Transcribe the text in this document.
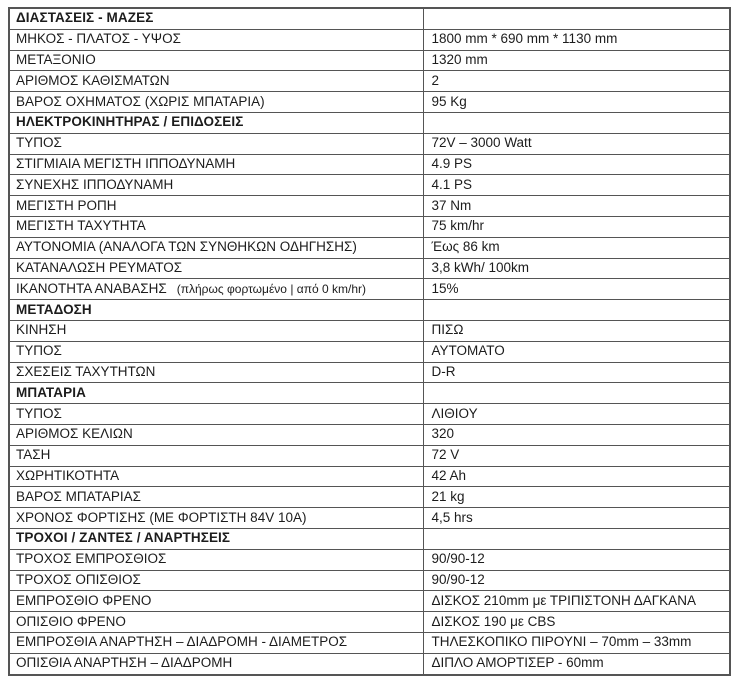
ΔΙΑΣΤΑΣΕΙΣ - ΜΑΖΕΣ	
ΜΗΚΟΣ - ΠΛΑΤΟΣ - ΥΨΟΣ	1800 mm * 690 mm * 1130 mm
ΜΕΤΑΞΟΝΙΟ	1320 mm
ΑΡΙΘΜΟΣ ΚΑΘΙΣΜΑΤΩΝ	2
ΒΑΡΟΣ ΟΧΗΜΑΤΟΣ (ΧΩΡΙΣ ΜΠΑΤΑΡΙΑ)	95 Kg
ΗΛΕΚΤΡΟΚΙΝΗΤΗΡΑΣ / ΕΠΙΔΟΣΕΙΣ	
ΤΥΠΟΣ	72V – 3000 Watt
ΣΤΙΓΜΙΑΙΑ ΜΕΓΙΣΤΗ ΙΠΠΟΔΥΝΑΜΗ	4.9 PS
ΣΥΝΕΧΗΣ ΙΠΠΟΔΥΝΑΜΗ	4.1 PS
ΜΕΓΙΣΤΗ ΡΟΠΗ	37 Nm
ΜΕΓΙΣΤΗ ΤΑΧΥΤΗΤΑ	75 km/hr
ΑΥΤΟΝΟΜΙΑ (ΑΝΑΛΟΓΑ ΤΩΝ ΣΥΝΘΗΚΩΝ ΟΔΗΓΗΣΗΣ)	Έως 86 km
ΚΑΤΑΝΑΛΩΣΗ ΡΕΥΜΑΤΟΣ	3,8 kWh/ 100km
ΙΚΑΝΟΤΗΤΑ ΑΝΑΒΑΣΗΣ (πλήρως φορτωμένο | από 0 km/hr)	15%
ΜΕΤΑΔΟΣΗ	
ΚΙΝΗΣΗ	ΠΙΣΩ
ΤΥΠΟΣ	ΑΥΤΟΜΑΤΟ
ΣΧΕΣΕΙΣ ΤΑΧΥΤΗΤΩΝ	D-R
ΜΠΑΤΑΡΙΑ	
ΤΥΠΟΣ	ΛΙΘΙΟΥ
ΑΡΙΘΜΟΣ ΚΕΛΙΩΝ	320
ΤΑΣΗ	72 V
ΧΩΡΗΤΙΚΟΤΗΤΑ	42 Ah
ΒΑΡΟΣ ΜΠΑΤΑΡΙΑΣ	21 kg
ΧΡΟΝΟΣ ΦΟΡΤΙΣΗΣ (ΜΕ ΦΟΡΤΙΣΤΗ 84V 10A)	4,5 hrs
ΤΡΟΧΟΙ / ΖΑΝΤΕΣ / ΑΝΑΡΤΗΣΕΙΣ	
ΤΡΟΧΟΣ ΕΜΠΡΟΣΘΙΟΣ	90/90-12
ΤΡΟΧΟΣ ΟΠΙΣΘΙΟΣ	90/90-12
ΕΜΠΡΟΣΘΙΟ ΦΡΕΝΟ	ΔΙΣΚΟΣ 210mm με ΤΡΙΠΙΣΤΟΝΗ ΔΑΓΚΑΝΑ
ΟΠΙΣΘΙΟ ΦΡΕΝΟ	ΔΙΣΚΟΣ 190 με CBS
ΕΜΠΡΟΣΘΙΑ ΑΝΑΡΤΗΣΗ – ΔΙΑΔΡΟΜΗ - ΔΙΑΜΕΤΡΟΣ	ΤΗΛΕΣΚΟΠΙΚΟ ΠΙΡΟΥΝΙ – 70mm – 33mm
ΟΠΙΣΘΙΑ ΑΝΑΡΤΗΣΗ – ΔΙΑΔΡΟΜΗ	ΔΙΠΛΟ ΑΜΟΡΤΙΣΕΡ - 60mm
